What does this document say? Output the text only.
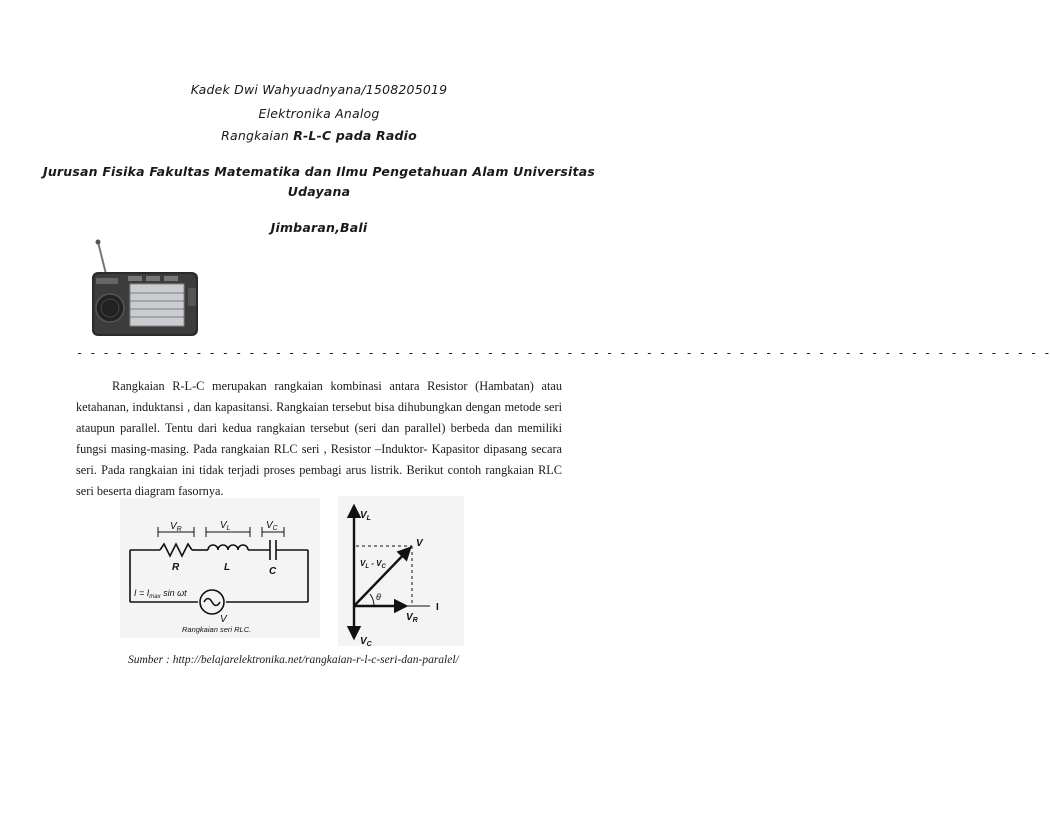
Kadek Dwi Wahyuadnyana/1508205019
Elektronika Analog
Rangkaian R-L-C pada Radio
Jurusan Fisika Fakultas Matematika dan Ilmu Pengetahuan Alam Universitas
Udayana
Jimbaran,Bali
- - - - - - - - - - - - - - - - - - - - - - - - - - - - - - - - - - - - - - - - - - - - - - - - - - - - - - - - - - - - - - - - - - - - - - - - - -

Rangkaian R-L-C merupakan rangkaian kombinasi antara Resistor (Hambatan) atau ketahanan, induktansi , dan kapasitansi. Rangkaian tersebut bisa dihubungkan dengan metode seri ataupun parallel. Tentu dari kedua rangkaian tersebut (seri dan parallel) berbeda dan memiliki fungsi masing-masing. Pada rangkaian RLC seri , Resistor –Induktor- Kapasitor dipasang secara seri. Pada rangkaian ini tidak terjadi proses pembagi arus listrik. Berikut contoh rangkaian RLC seri beserta diagram fasornya.

$V_R$	$V_L$	$V_C$
R	L	C
V
$I = I_{max}$ sin ωt
Rangkaian seri RLC.
$V_L$
$V_C$
V
$V_R$
I
$V_L - V_C$
θ
Sumber : http://belajarelektronika.net/rangkaian-r-l-c-seri-dan-paralel/
